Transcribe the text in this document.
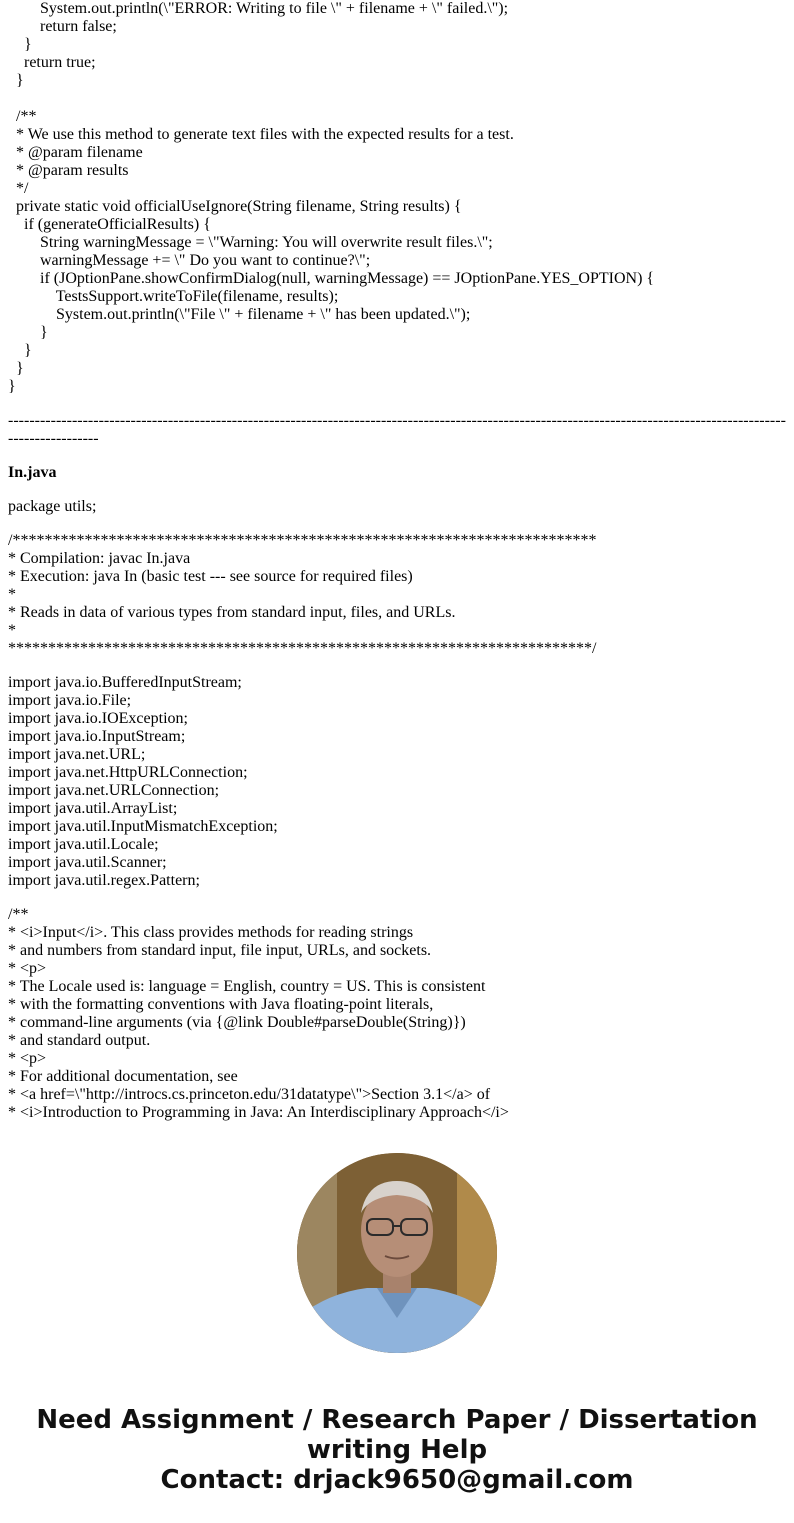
System.out.println(\"ERROR: Writing to file \" + filename + \" failed.\");
return false;
}
return true;
}
/**
* We use this method to generate text files with the expected results for a test.
* @param filename
* @param results
*/
private static void officialUseIgnore(String filename, String results) {
if (generateOfficialResults) {
String warningMessage = \"Warning: You will overwrite result files.\";
warningMessage += \" Do you want to continue?\";
if (JOptionPane.showConfirmDialog(null, warningMessage) == JOptionPane.YES_OPTION) {
TestsSupport.writeToFile(filename, results);
System.out.println(\"File \" + filename + \" has been updated.\");
}
}
}
}
-------------------------------------------------------------------------------------------------------------------------------------------------------------------
In.java
package utils;
/*************************************************************************
* Compilation: javac In.java
* Execution: java In (basic test --- see source for required files)
*
* Reads in data of various types from standard input, files, and URLs.
*
*************************************************************************/
import java.io.BufferedInputStream;
import java.io.File;
import java.io.IOException;
import java.io.InputStream;
import java.net.URL;
import java.net.HttpURLConnection;
import java.net.URLConnection;
import java.util.ArrayList;
import java.util.InputMismatchException;
import java.util.Locale;
import java.util.Scanner;
import java.util.regex.Pattern;
/**
* <i>Input</i>. This class provides methods for reading strings
* and numbers from standard input, file input, URLs, and sockets.
* <p>
* The Locale used is: language = English, country = US. This is consistent
* with the formatting conventions with Java floating-point literals,
* command-line arguments (via {@link Double#parseDouble(String)})
* and standard output.
* <p>
* For additional documentation, see
* <a href=\"http://introcs.cs.princeton.edu/31datatype\">Section 3.1</a> of
* <i>Introduction to Programming in Java: An Interdisciplinary Approach</i>
Need Assignment / Research Paper / Dissertation
writing Help
Contact: drjack9650@gmail.com
